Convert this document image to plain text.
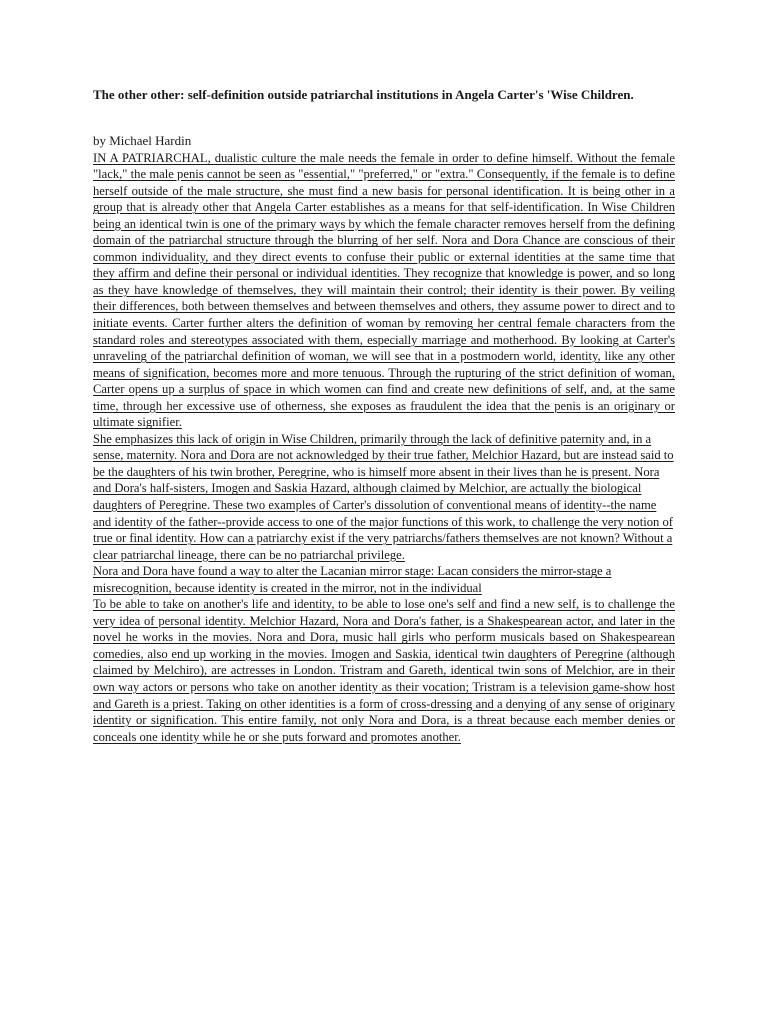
The other other: self-definition outside patriarchal institutions in Angela Carter's 'Wise Children.

by Michael Hardin

IN A PATRIARCHAL, dualistic culture the male needs the female in order to define himself. Without the female "lack," the male penis cannot be seen as "essential," "preferred," or "extra." Consequently, if the female is to define herself outside of the male structure, she must find a new basis for personal identification. It is being other in a group that is already other that Angela Carter establishes as a means for that self-identification. In Wise Children being an identical twin is one of the primary ways by which the female character removes herself from the defining domain of the patriarchal structure through the blurring of her self. Nora and Dora Chance are conscious of their common individuality, and they direct events to confuse their public or external identities at the same time that they affirm and define their personal or individual identities. They recognize that knowledge is power, and so long as they have knowledge of themselves, they will maintain their control; their identity is their power. By veiling their differences, both between themselves and between themselves and others, they assume power to direct and to initiate events. Carter further alters the definition of woman by removing her central female characters from the standard roles and stereotypes associated with them, especially marriage and motherhood. By looking at Carter's unraveling of the patriarchal definition of woman, we will see that in a postmodern world, identity, like any other means of signification, becomes more and more tenuous. Through the rupturing of the strict definition of woman, Carter opens up a surplus of space in which women can find and create new definitions of self, and, at the same time, through her excessive use of otherness, she exposes as fraudulent the idea that the penis is an originary or ultimate signifier.

She emphasizes this lack of origin in Wise Children, primarily through the lack of definitive paternity and, in a sense, maternity. Nora and Dora are not acknowledged by their true father, Melchior Hazard, but are instead said to be the daughters of his twin brother, Peregrine, who is himself more absent in their lives than he is present. Nora and Dora's half-sisters, Imogen and Saskia Hazard, although claimed by Melchior, are actually the biological daughters of Peregrine. These two examples of Carter's dissolution of conventional means of identity--the name and identity of the father--provide access to one of the major functions of this work, to challenge the very notion of true or final identity. How can a patriarchy exist if the very patriarchs/fathers themselves are not known? Without a clear patriarchal lineage, there can be no patriarchal privilege.

Nora and Dora have found a way to alter the Lacanian mirror stage: Lacan considers the mirror-stage a misrecognition, because identity is created in the mirror, not in the individual

To be able to take on another's life and identity, to be able to lose one's self and find a new self, is to challenge the very idea of personal identity. Melchior Hazard, Nora and Dora's father, is a Shakespearean actor, and later in the novel he works in the movies. Nora and Dora, music hall girls who perform musicals based on Shakespearean comedies, also end up working in the movies. Imogen and Saskia, identical twin daughters of Peregrine (although claimed by Melchiro), are actresses in London. Tristram and Gareth, identical twin sons of Melchior, are in their own way actors or persons who take on another identity as their vocation; Tristram is a television game-show host and Gareth is a priest. Taking on other identities is a form of cross-dressing and a denying of any sense of originary identity or signification. This entire family, not only Nora and Dora, is a threat because each member denies or conceals one identity while he or she puts forward and promotes another.
